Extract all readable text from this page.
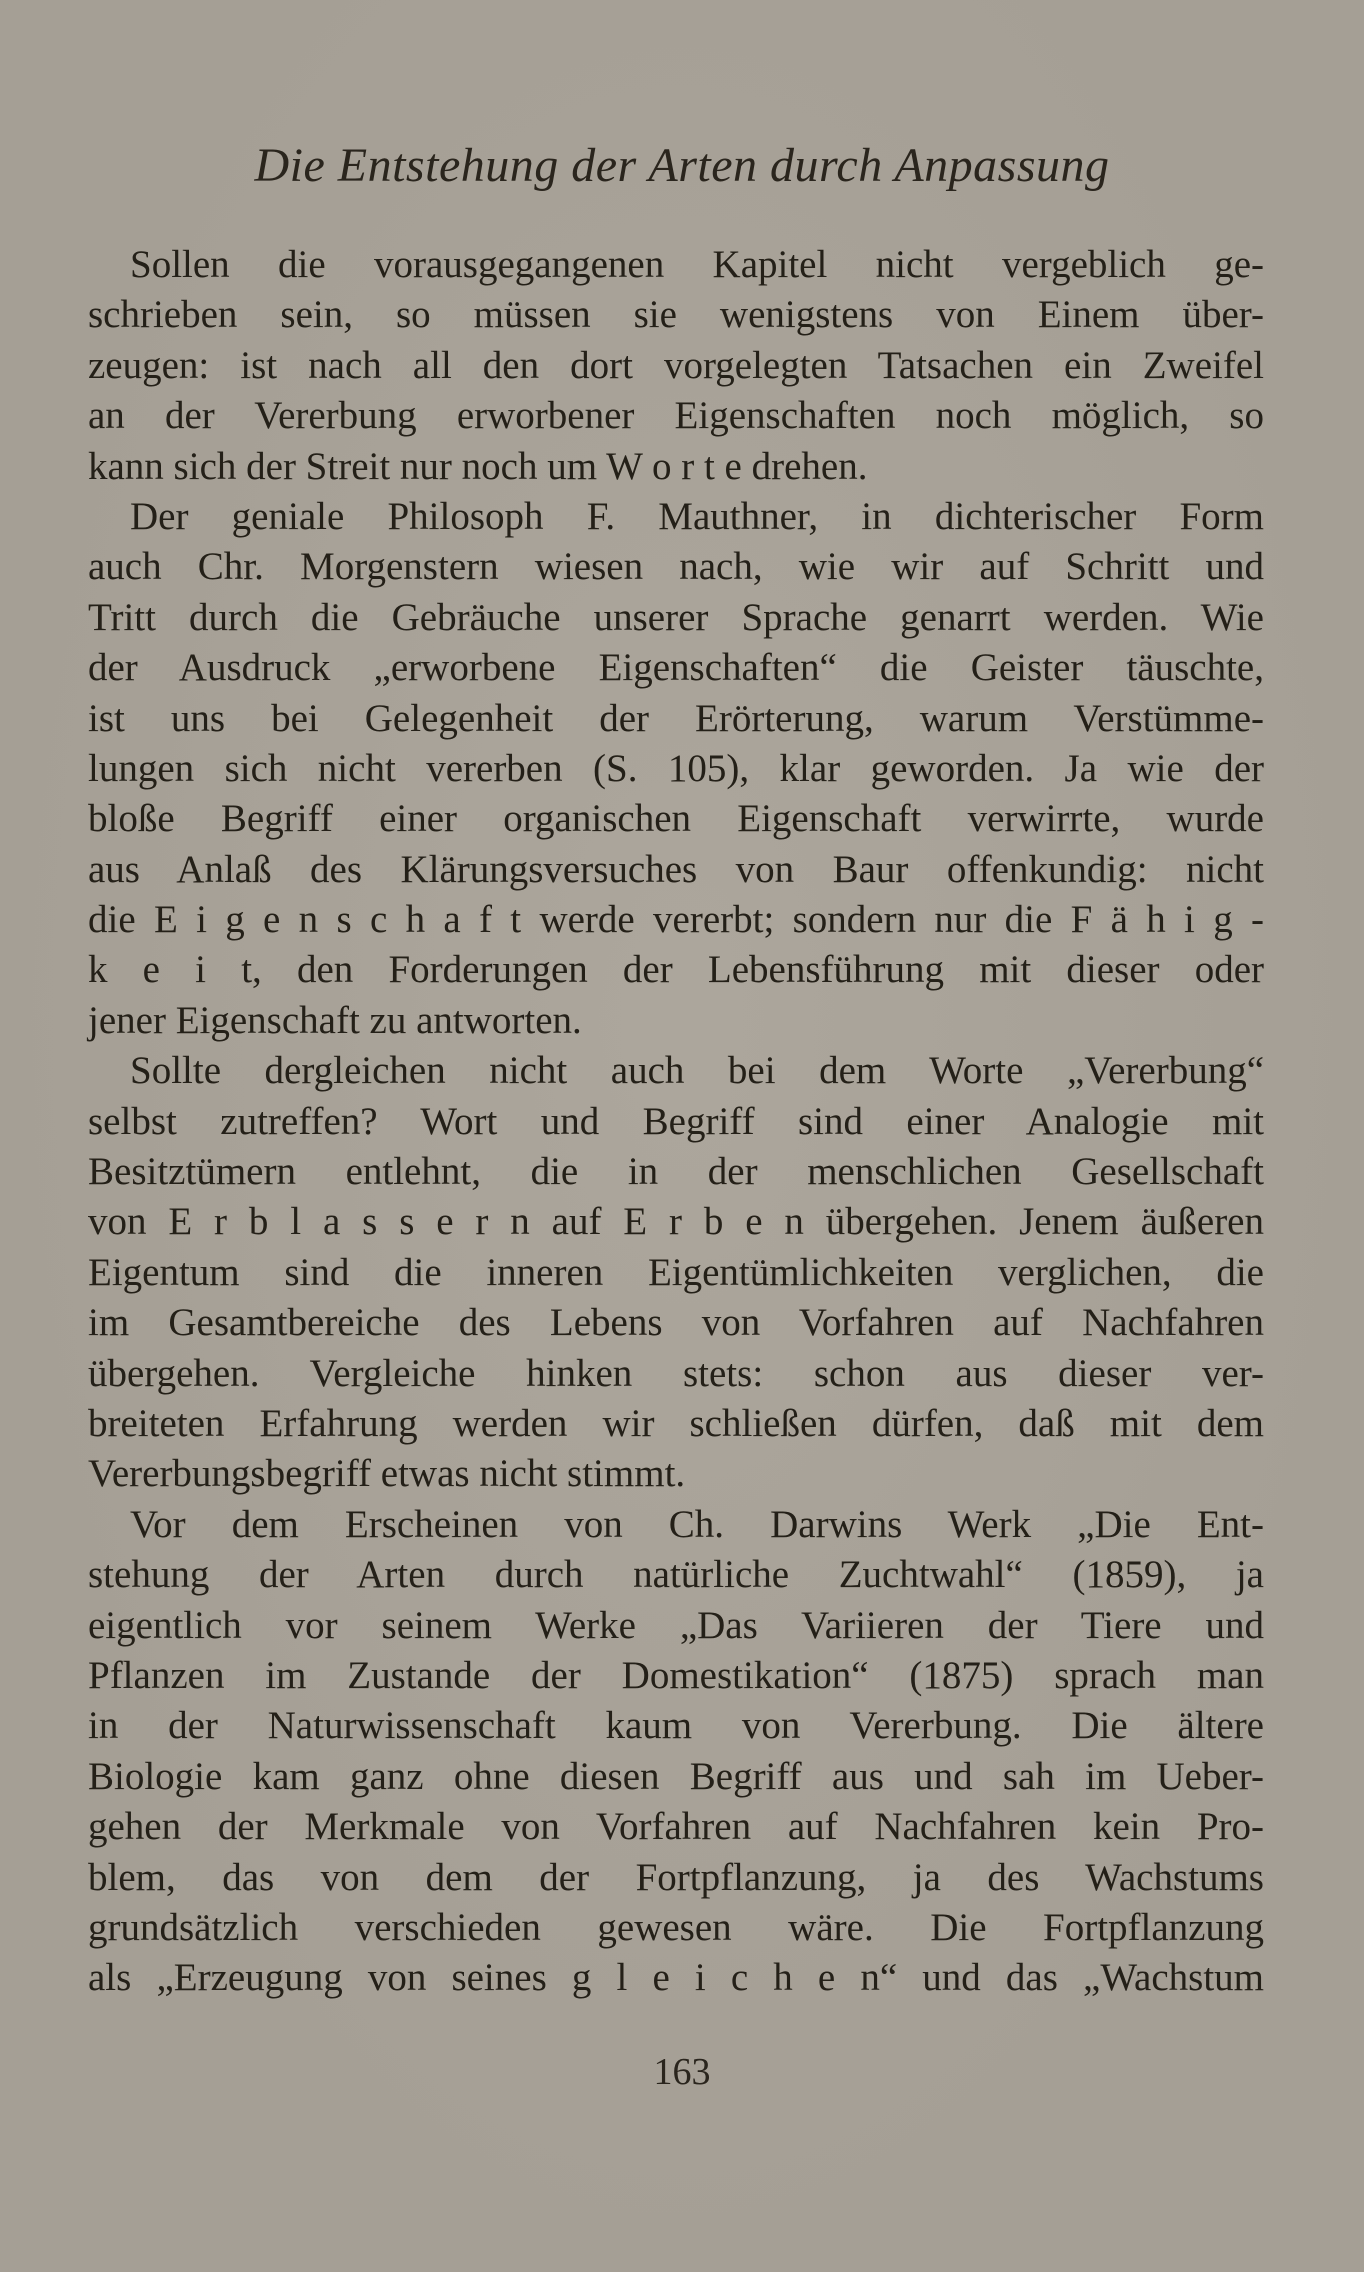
Die Entstehung der Arten durch Anpassung
Sollen die vorausgegangenen Kapitel nicht vergeblich ge-
schrieben sein, so müssen sie wenigstens von Einem über-
zeugen: ist nach all den dort vorgelegten Tatsachen ein Zweifel
an der Vererbung erworbener Eigenschaften noch möglich, so
kann sich der Streit nur noch um W o r t e drehen.
Der geniale Philosoph F. Mauthner, in dichterischer Form
auch Chr. Morgenstern wiesen nach, wie wir auf Schritt und
Tritt durch die Gebräuche unserer Sprache genarrt werden. Wie
der Ausdruck „erworbene Eigenschaften“ die Geister täuschte,
ist uns bei Gelegenheit der Erörterung, warum Verstümme-
lungen sich nicht vererben (S. 105), klar geworden. Ja wie der
bloße Begriff einer organischen Eigenschaft verwirrte, wurde
aus Anlaß des Klärungsversuches von Baur offenkundig: nicht
die E i g e n s c h a f t werde vererbt; sondern nur die F ä h i g -
k e i t, den Forderungen der Lebensführung mit dieser oder
jener Eigenschaft zu antworten.
Sollte dergleichen nicht auch bei dem Worte „Vererbung“
selbst zutreffen? Wort und Begriff sind einer Analogie mit
Besitztümern entlehnt, die in der menschlichen Gesellschaft
von E r b l a s s e r n auf E r b e n übergehen. Jenem äußeren
Eigentum sind die inneren Eigentümlichkeiten verglichen, die
im Gesamtbereiche des Lebens von Vorfahren auf Nachfahren
übergehen. Vergleiche hinken stets: schon aus dieser ver-
breiteten Erfahrung werden wir schließen dürfen, daß mit dem
Vererbungsbegriff etwas nicht stimmt.
Vor dem Erscheinen von Ch. Darwins Werk „Die Ent-
stehung der Arten durch natürliche Zuchtwahl“ (1859), ja
eigentlich vor seinem Werke „Das Variieren der Tiere und
Pflanzen im Zustande der Domestikation“ (1875) sprach man
in der Naturwissenschaft kaum von Vererbung. Die ältere
Biologie kam ganz ohne diesen Begriff aus und sah im Ueber-
gehen der Merkmale von Vorfahren auf Nachfahren kein Pro-
blem, das von dem der Fortpflanzung, ja des Wachstums
grundsätzlich verschieden gewesen wäre. Die Fortpflanzung
als „Erzeugung von seines g l e i c h e n“ und das „Wachstum
163
